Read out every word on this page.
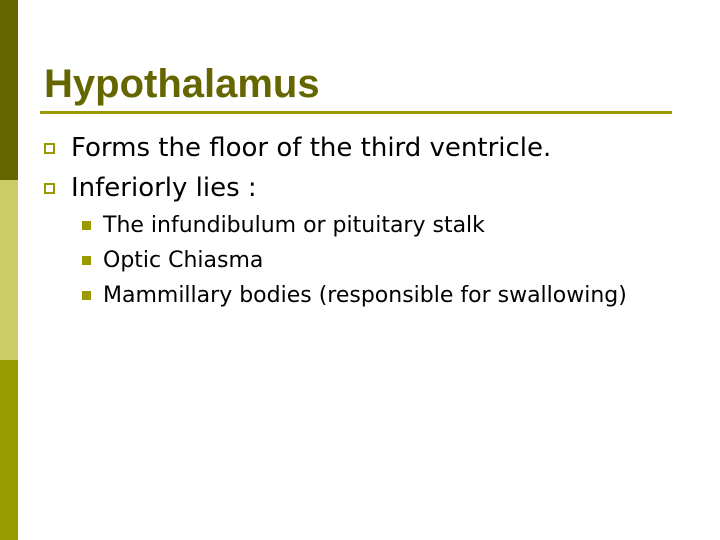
Hypothalamus
Forms the floor of the third ventricle.
Inferiorly lies :
The infundibulum or pituitary stalk
Optic Chiasma
Mammillary bodies (responsible for swallowing)
